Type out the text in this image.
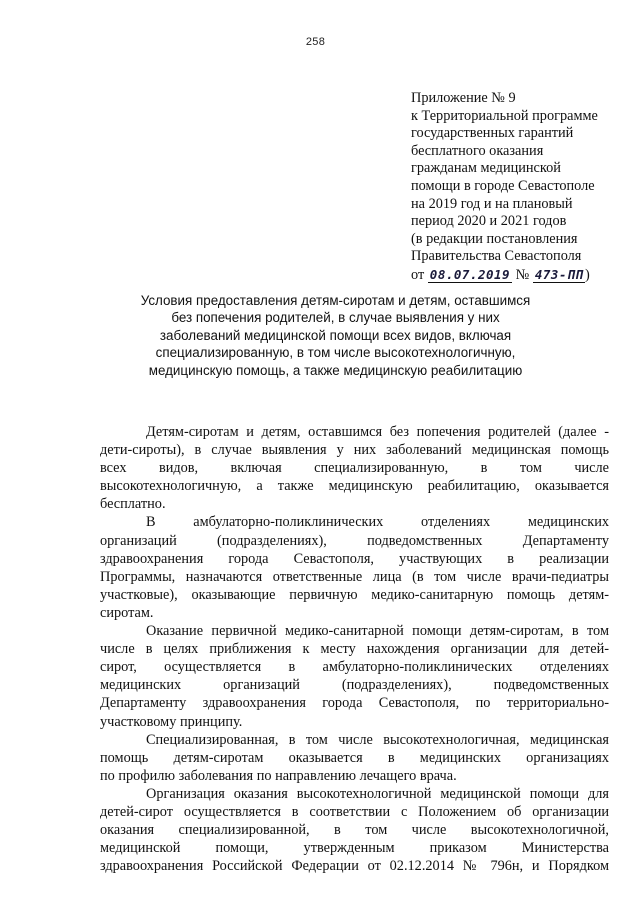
258
Приложение № 9
к Территориальной программе
государственных гарантий
бесплатного оказания
гражданам медицинской
помощи в городе Севастополе
на 2019 год и на плановый
период 2020 и 2021 годов
(в редакции постановления
Правительства Севастополя
от 08.07.2019 № 473-ПП )
Условия предоставления детям-сиротам и детям, оставшимся
без попечения родителей, в случае выявления у них
заболеваний медицинской помощи всех видов, включая
специализированную, в том числе высокотехнологичную,
медицинскую помощь, а также медицинскую реабилитацию
Детям-сиротам и детям, оставшимся без попечения родителей (далее -
дети-сироты), в случае выявления у них заболеваний медицинская помощь
всех видов, включая специализированную, в том числе
высокотехнологичную, а также медицинскую реабилитацию, оказывается
бесплатно.
В амбулаторно-поликлинических отделениях медицинских
организаций (подразделениях), подведомственных Департаменту
здравоохранения города Севастополя, участвующих в реализации
Программы, назначаются ответственные лица (в том числе врачи-педиатры
участковые), оказывающие первичную медико-санитарную помощь детям-
сиротам.
Оказание первичной медико-санитарной помощи детям-сиротам, в том
числе в целях приближения к месту нахождения организации для детей-
сирот, осуществляется в амбулаторно-поликлинических отделениях
медицинских организаций (подразделениях), подведомственных
Департаменту здравоохранения города Севастополя, по территориально-
участковому принципу.
Специализированная, в том числе высокотехнологичная, медицинская
помощь детям-сиротам оказывается в медицинских организациях
по профилю заболевания по направлению лечащего врача.
Организация оказания высокотехнологичной медицинской помощи для
детей-сирот осуществляется в соответствии с Положением об организации
оказания специализированной, в том числе высокотехнологичной,
медицинской помощи, утвержденным приказом Министерства
здравоохранения Российской Федерации от 02.12.2014 № 796н, и Порядком
